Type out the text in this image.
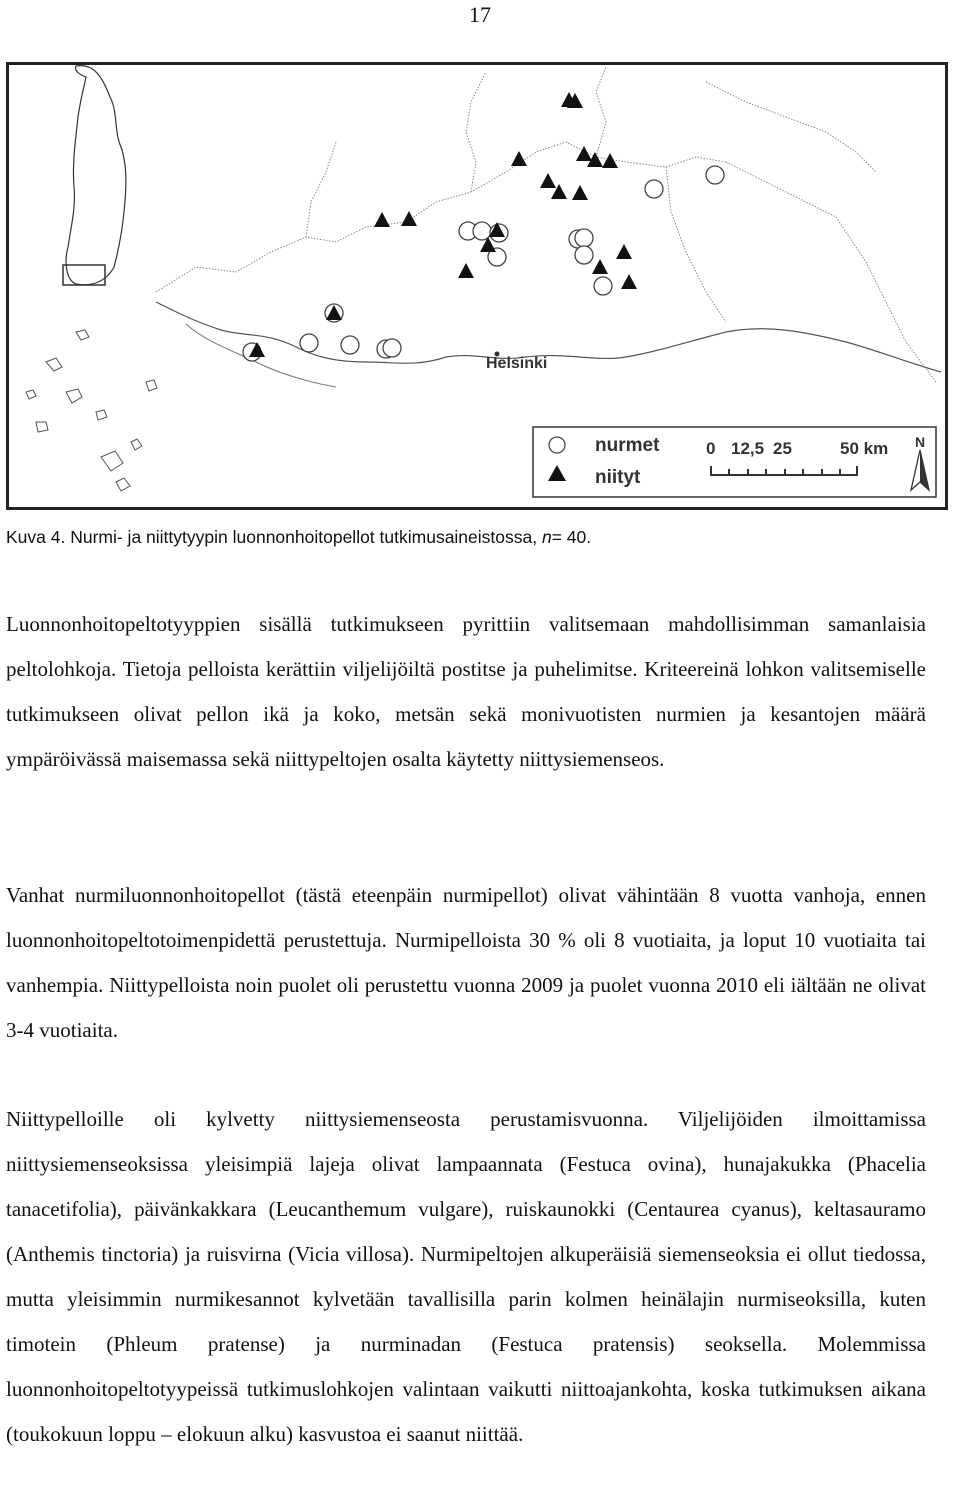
17
Helsinki
nurmet
niityt
0 12,5 25	50 km N
Kuva 4. Nurmi- ja niittytyypin luonnonhoitopellot tutkimusaineistossa, n= 40.

Luonnonhoitopeltotyyppien sisällä tutkimukseen pyrittiin valitsemaan mahdollisimman samanlaisia peltolohkoja. Tietoja pelloista kerättiin viljelijöiltä postitse ja puhelimitse. Kriteereinä lohkon valitsemiselle tutkimukseen olivat pellon ikä ja koko, metsän sekä monivuotisten nurmien ja kesantojen määrä ympäröivässä maisemassa sekä niittypeltojen osalta käytetty niittysiemenseos.

Vanhat nurmiluonnonhoitopellot (tästä eteenpäin nurmipellot) olivat vähintään 8 vuotta vanhoja, ennen luonnonhoitopeltotoimenpidettä perustettuja. Nurmipelloista 30 % oli 8 vuotiaita, ja loput 10 vuotiaita tai vanhempia. Niittypelloista noin puolet oli perustettu vuonna 2009 ja puolet vuonna 2010 eli iältään ne olivat 3-4 vuotiaita.

Niittypelloille oli kylvetty niittysiemenseosta perustamisvuonna. Viljelijöiden ilmoittamissa niittysiemenseoksissa yleisimpiä lajeja olivat lampaannata (Festuca ovina), hunajakukka (Phacelia tanacetifolia), päivänkakkara (Leucanthemum vulgare), ruiskaunokki (Centaurea cyanus), keltasauramo (Anthemis tinctoria) ja ruisvirna (Vicia villosa). Nurmipeltojen alkuperäisiä siemenseoksia ei ollut tiedossa, mutta yleisimmin nurmikesannot kylvetään tavallisilla parin kolmen heinälajin nurmiseoksilla, kuten timotein (Phleum pratense) ja nurminadan (Festuca pratensis) seoksella. Molemmissa luonnonhoitopeltotyypeissä tutkimuslohkojen valintaan vaikutti niittoajankohta, koska tutkimuksen aikana (toukokuun loppu – elokuun alku) kasvustoa ei saanut niittää.
